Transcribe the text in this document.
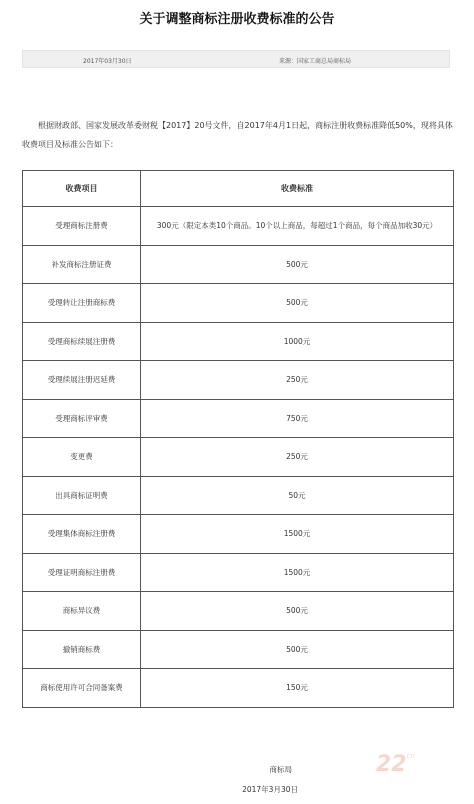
关于调整商标注册收费标准的公告
2017年03月30日	来源：国家工商总局商标局
根据财政部、国家发展改革委财税【2017】20号文件，自2017年4月1日起，商标注册收费标准降低50%，现将具体收费项目及标准公告如下：
收费项目	收费标准
受理商标注册费	300元（限定本类10个商品。10个以上商品，每超过1个商品，每个商品加收30元）
补发商标注册证费	500元
受理转让注册商标费	500元
受理商标续展注册费	1000元
受理续展注册迟延费	250元
受理商标评审费	750元
变更费	250元
出具商标证明费	50元
受理集体商标注册费	1500元
受理证明商标注册费	1500元
商标异议费	500元
撤销商标费	500元
商标使用许可合同备案费	150元
商标局
2017年3月30日
$22^{cn}$
